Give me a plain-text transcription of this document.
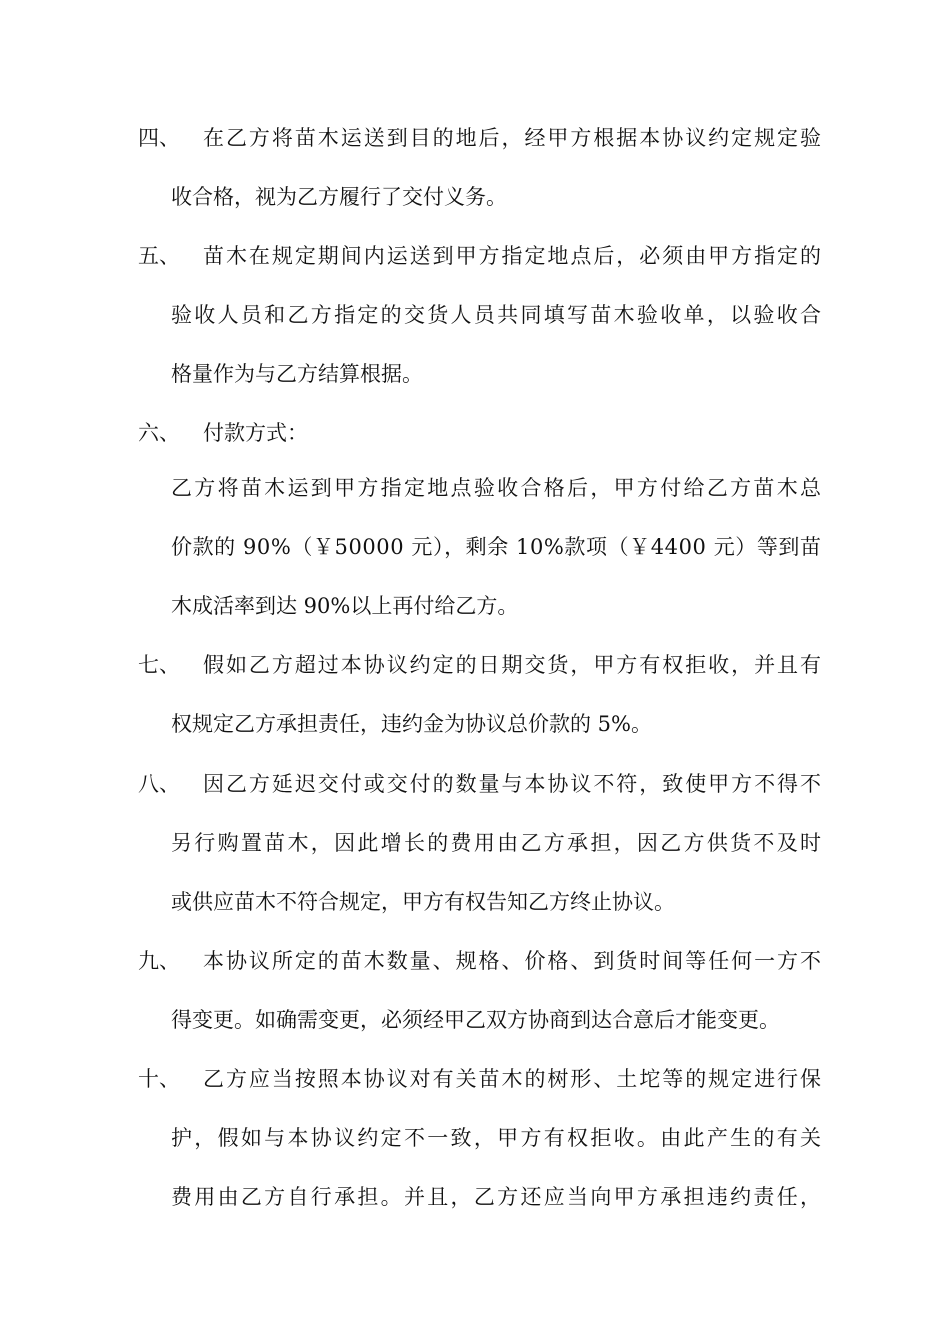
四、 在乙方将苗木运送到目的地后，经甲方根据本协议约定规定验
收合格，视为乙方履行了交付义务。
五、 苗木在规定期间内运送到甲方指定地点后，必须由甲方指定的
验收人员和乙方指定的交货人员共同填写苗木验收单，以验收合
格量作为与乙方结算根据。
六、 付款方式：
乙方将苗木运到甲方指定地点验收合格后，甲方付给乙方苗木总
价款的 90%（￥50000 元），剩余 10%款项（￥4400 元）等到苗
木成活率到达 90%以上再付给乙方。
七、 假如乙方超过本协议约定的日期交货，甲方有权拒收，并且有
权规定乙方承担责任，违约金为协议总价款的 5%。
八、 因乙方延迟交付或交付的数量与本协议不符，致使甲方不得不
另行购置苗木，因此增长的费用由乙方承担，因乙方供货不及时
或供应苗木不符合规定，甲方有权告知乙方终止协议。
九、 本协议所定的苗木数量、规格、价格、到货时间等任何一方不
得变更。如确需变更，必须经甲乙双方协商到达合意后才能变更。
十、 乙方应当按照本协议对有关苗木的树形、土坨等的规定进行保
护，假如与本协议约定不一致，甲方有权拒收。由此产生的有关
费用由乙方自行承担。并且，乙方还应当向甲方承担违约责任，
